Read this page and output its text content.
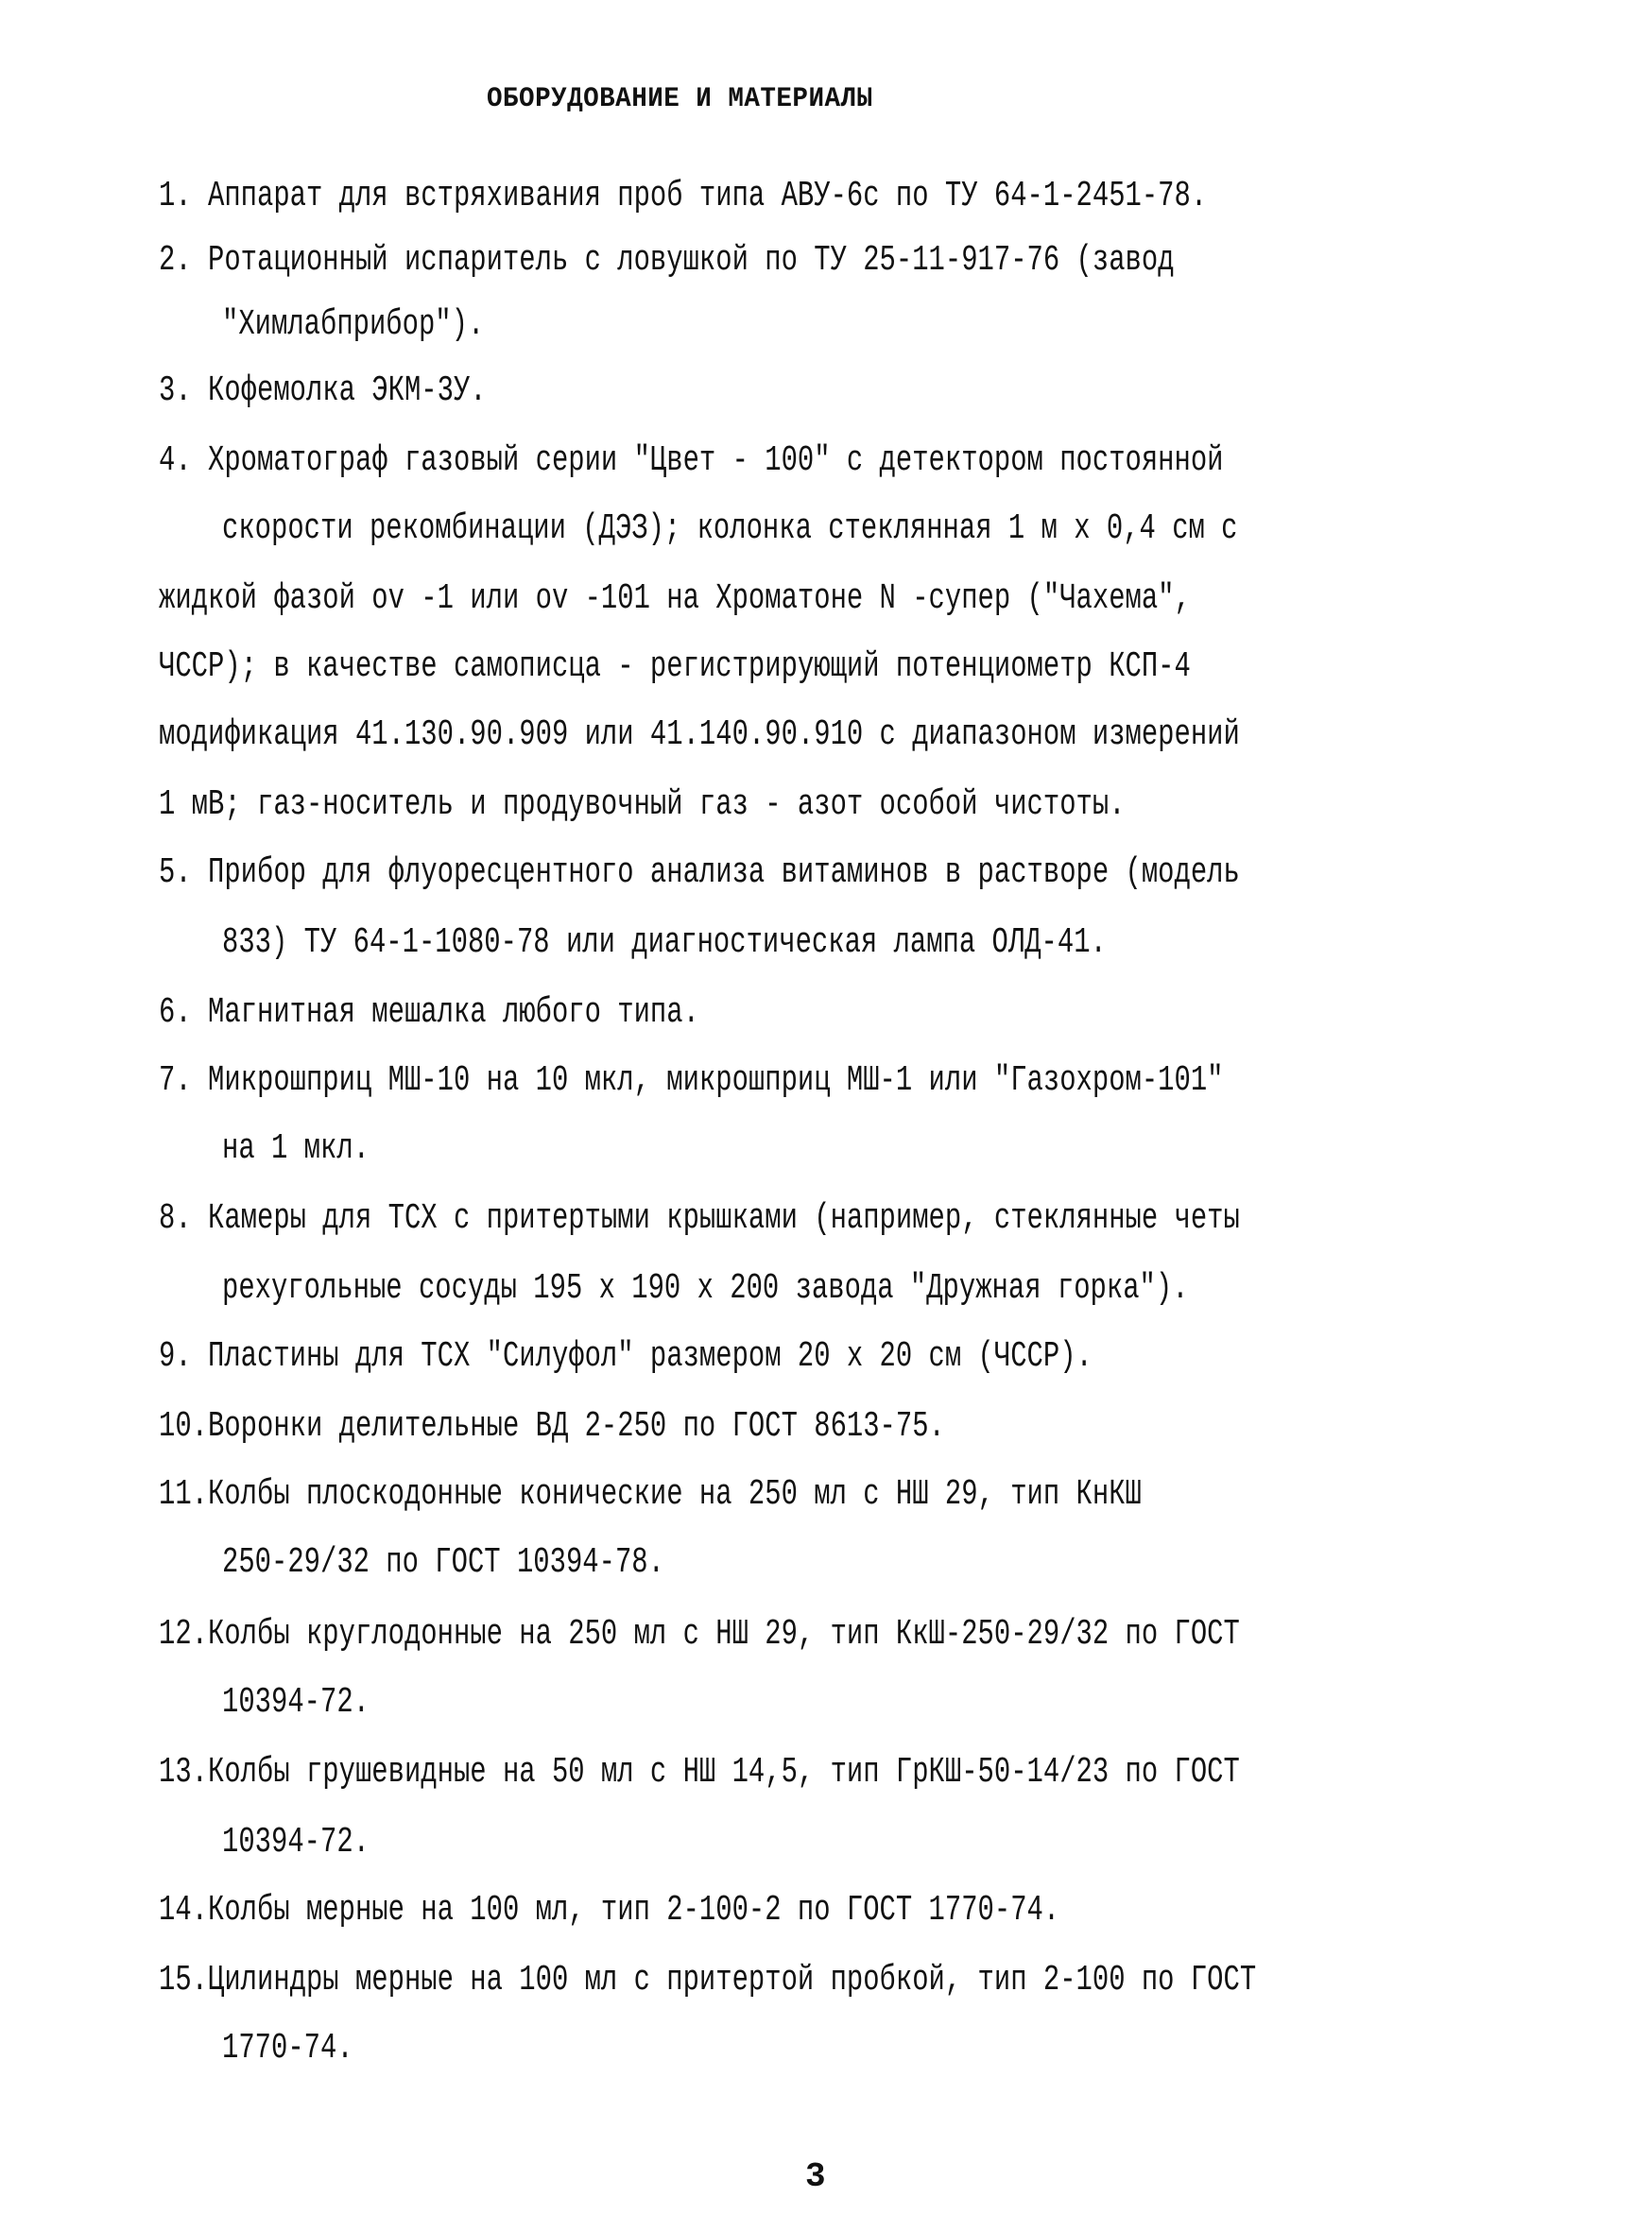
ОБОРУДОВАНИЕ И МАТЕРИАЛЫ
1. Аппарат для встряхивания проб типа АВУ-6с по ТУ 64-1-2451-78.
2. Ротационный испаритель с ловушкой по ТУ 25-11-917-76 (завод
"Химлабприбор").
3. Кофемолка ЭКМ-3У.
4. Хроматограф газовый серии "Цвет - 100" с детектором постоянной
скорости рекомбинации (ДЭЗ); колонка стеклянная 1 м х 0,4 см с
жидкой фазой ov -1 или ov -101 на Хроматоне N -супер ("Чахема",
ЧССР); в качестве самописца - регистрирующий потенциометр КСП-4
модификация 41.130.90.909 или 41.140.90.910 с диапазоном измерений
1 мВ; газ-носитель и продувочный газ - азот особой чистоты.
5. Прибор для флуоресцентного анализа витаминов в растворе (модель
833) ТУ 64-1-1080-78 или диагностическая лампа ОЛД-41.
6. Магнитная мешалка любого типа.
7. Микрошприц МШ-10 на 10 мкл, микрошприц МШ-1 или "Газохром-101"
на 1 мкл.
8. Камеры для ТСХ с притертыми крышками (например, стеклянные четы
рехугольные сосуды 195 х 190 х 200 завода "Дружная горка").
9. Пластины для ТСХ "Силуфол" размером 20 х 20 см (ЧССР).
10.Воронки делительные ВД 2-250 по ГОСТ 8613-75.
11.Колбы плоскодонные конические на 250 мл с НШ 29, тип КнКШ
250-29/32 по ГОСТ 10394-78.
12.Колбы круглодонные на 250 мл с НШ 29, тип КкШ-250-29/32 по ГОСТ
10394-72.
13.Колбы грушевидные на 50 мл с НШ 14,5, тип ГрКШ-50-14/23 по ГОСТ
10394-72.
14.Колбы мерные на 100 мл, тип 2-100-2 по ГОСТ 1770-74.
15.Цилиндры мерные на 100 мл с притертой пробкой, тип 2-100 по ГОСТ
1770-74.
3
